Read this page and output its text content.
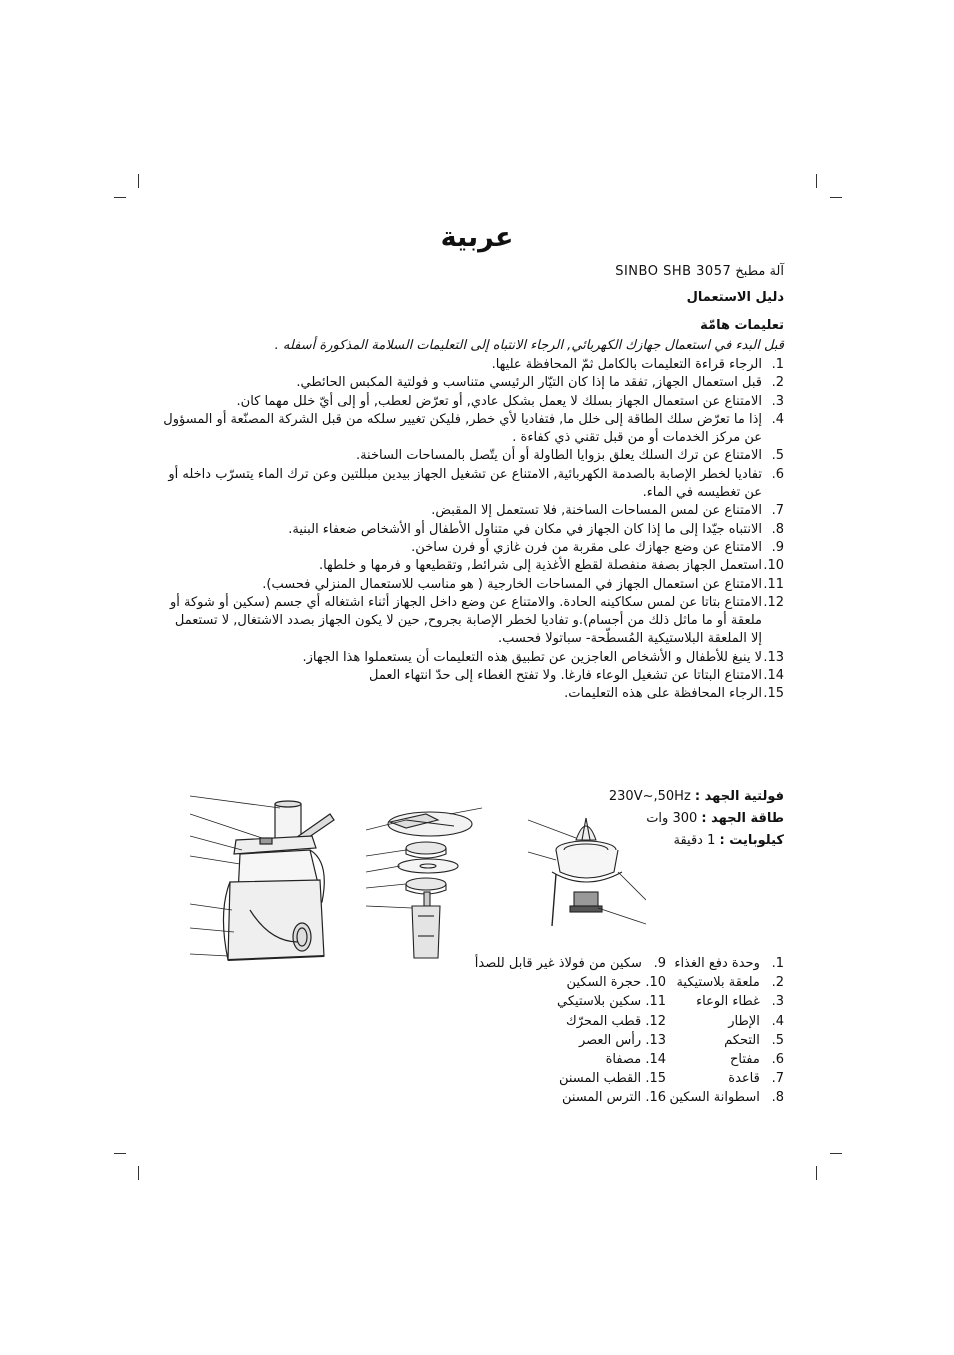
عربية
آلة مطبخ SINBO SHB 3057
دليل الاستعمال
تعليمات هامّة
قبل البدء في استعمال جهازك الكهربائي, الرجاء الانتباه إلى التعليمات السلامة المذكورة أسفله .
1.
الرجاء قراءة التعليمات بالكامل ثمّ المحافظة عليها.
2.
قبل استعمال الجهاز, تفقد ما إذا كان التيّار الرئيسي متناسب و فولتية المكبس الحائطي.
3.
الامتناع عن استعمال الجهاز بسلك لا يعمل بشكل عادي, أو تعرّض لعطب, أو إلى أيّ خلل مهما كان.
4.
إذا ما تعرّض سلك الطاقة إلى خلل ما, فتفاديا لأي خطر, فليكن تغيير سلكه من قبل الشركة المصنّعة أو المسؤول عن مركز الخدمات أو من قبل تقني ذي كفاءة .
5.
الامتناع عن ترك السلك يعلق بزوايا الطاولة أو أن يتّصل بالمساحات الساخنة.
6.
تفاديا لخطر الإصابة بالصدمة الكهربائية, الامتناع عن تشغيل الجهاز بيدين مبللتين وعن ترك الماء يتسرّب داخله أو عن تغطيسه في الماء.
7.
الامتناع عن لمس المساحات الساخنة, فلا تستعمل إلا المقبض.
8.
الانتباه جيّدا إلى ما إذا كان الجهاز في مكان في متناول الأطفال أو الأشخاص ضعفاء البنية.
9.
الامتناع عن وضع جهازك على مقربة من فرن غازي أو فرن ساخن.
10.
استعمل الجهاز بصفة منفصلة لقطع الأغذية إلى شرائط, وتقطيعها و فرمها و خلطها.
11.
الامتناع عن استعمال الجهاز في المساحات الخارجية ( هو مناسب للاستعمال المنزلي فحسب).
12.
الامتناع بتاتا عن لمس سكاكينه الحادة. والامتناع عن وضع داخل الجهاز أثناء اشتغاله أي جسم (سكين أو شوكة أو ملعقة أو ما ماثل ذلك من أجسام).و تفاديا لخطر الإصابة بجروح, حين لا يكون الجهاز بصدد الاشتغال, لا تستعمل إلا الملعقة البلاستيكية المُسطّحة- سباتولا فحسب.
13.
لا ينبغ للأطفال و الأشخاص العاجزين عن تطبيق هذه التعليمات أن يستعملوا هذا الجهاز.
14.
الامتناع البتاتا عن تشغيل الوعاء فارغا. ولا تفتح الغطاء إلى حدّ انتهاء العمل
15.
الرجاء المحافظة على هذه التعليمات.
فولتية الجهد : 230V~,50Hz
طاقة الجهد : 300 وات
كيلوبايت : 1 دقيقة
1. وحدة دفع الغذاء
2. ملعقة بلاستيكية
3. غطاء الوعاء
4. الإطار
5. التحكم
6. مفتاح
7. قاعدة
8. اسطوانة السكين
9. سكين من فولاذ غير قابل للصدأ
10. حجرة السكين
11. سكين بلاستيكي
12. قطب المحرّك
13. رأس العصر
14. مصفاة
15. القطب المسنن
16. الترس المسنن
